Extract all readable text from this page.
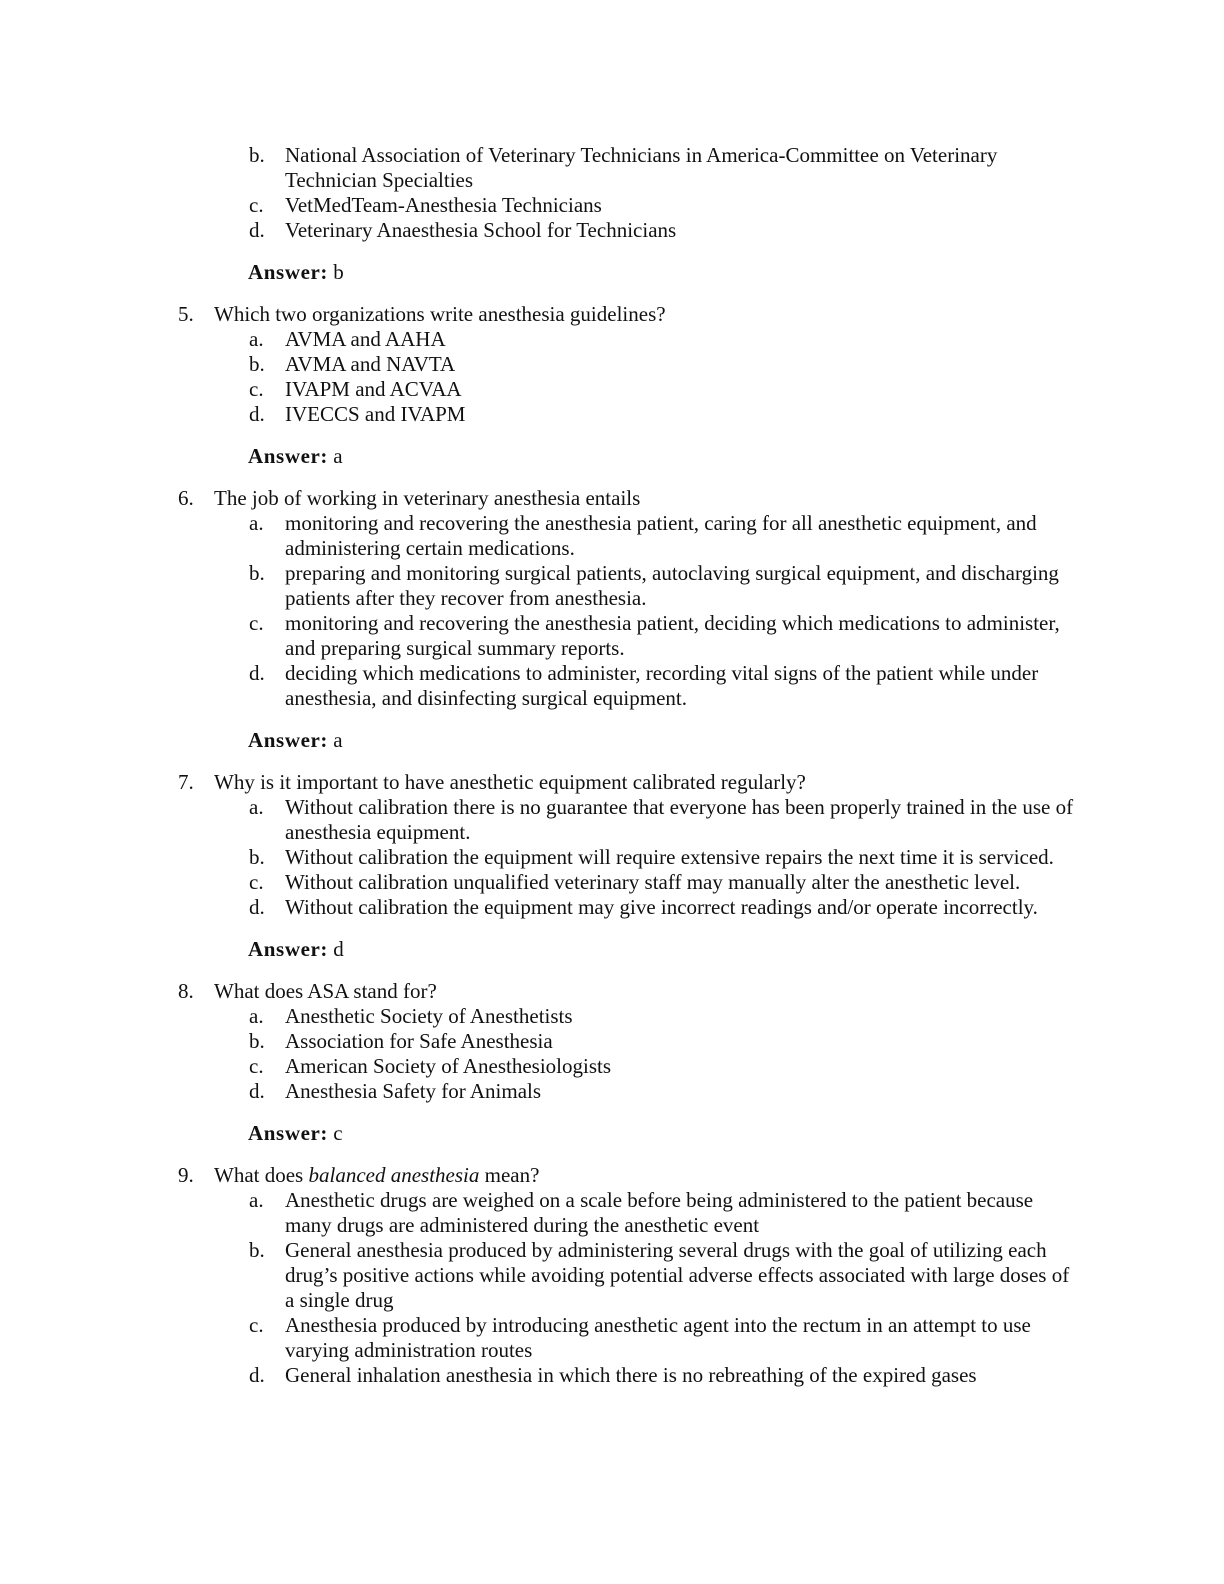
b. National Association of Veterinary Technicians in America-Committee on Veterinary Technician Specialties
c. VetMedTeam-Anesthesia Technicians
d. Veterinary Anaesthesia School for Technicians
Answer: b
5. Which two organizations write anesthesia guidelines?
a. AVMA and AAHA
b. AVMA and NAVTA
c. IVAPM and ACVAA
d. IVECCS and IVAPM
Answer: a
6. The job of working in veterinary anesthesia entails
a. monitoring and recovering the anesthesia patient, caring for all anesthetic equipment, and administering certain medications.
b. preparing and monitoring surgical patients, autoclaving surgical equipment, and discharging patients after they recover from anesthesia.
c. monitoring and recovering the anesthesia patient, deciding which medications to administer, and preparing surgical summary reports.
d. deciding which medications to administer, recording vital signs of the patient while under anesthesia, and disinfecting surgical equipment.
Answer: a
7. Why is it important to have anesthetic equipment calibrated regularly?
a. Without calibration there is no guarantee that everyone has been properly trained in the use of anesthesia equipment.
b. Without calibration the equipment will require extensive repairs the next time it is serviced.
c. Without calibration unqualified veterinary staff may manually alter the anesthetic level.
d. Without calibration the equipment may give incorrect readings and/or operate incorrectly.
Answer: d
8. What does ASA stand for?
a. Anesthetic Society of Anesthetists
b. Association for Safe Anesthesia
c. American Society of Anesthesiologists
d. Anesthesia Safety for Animals
Answer: c
9. What does balanced anesthesia mean?
a. Anesthetic drugs are weighed on a scale before being administered to the patient because many drugs are administered during the anesthetic event
b. General anesthesia produced by administering several drugs with the goal of utilizing each drug’s positive actions while avoiding potential adverse effects associated with large doses of a single drug
c. Anesthesia produced by introducing anesthetic agent into the rectum in an attempt to use varying administration routes
d. General inhalation anesthesia in which there is no rebreathing of the expired gases
